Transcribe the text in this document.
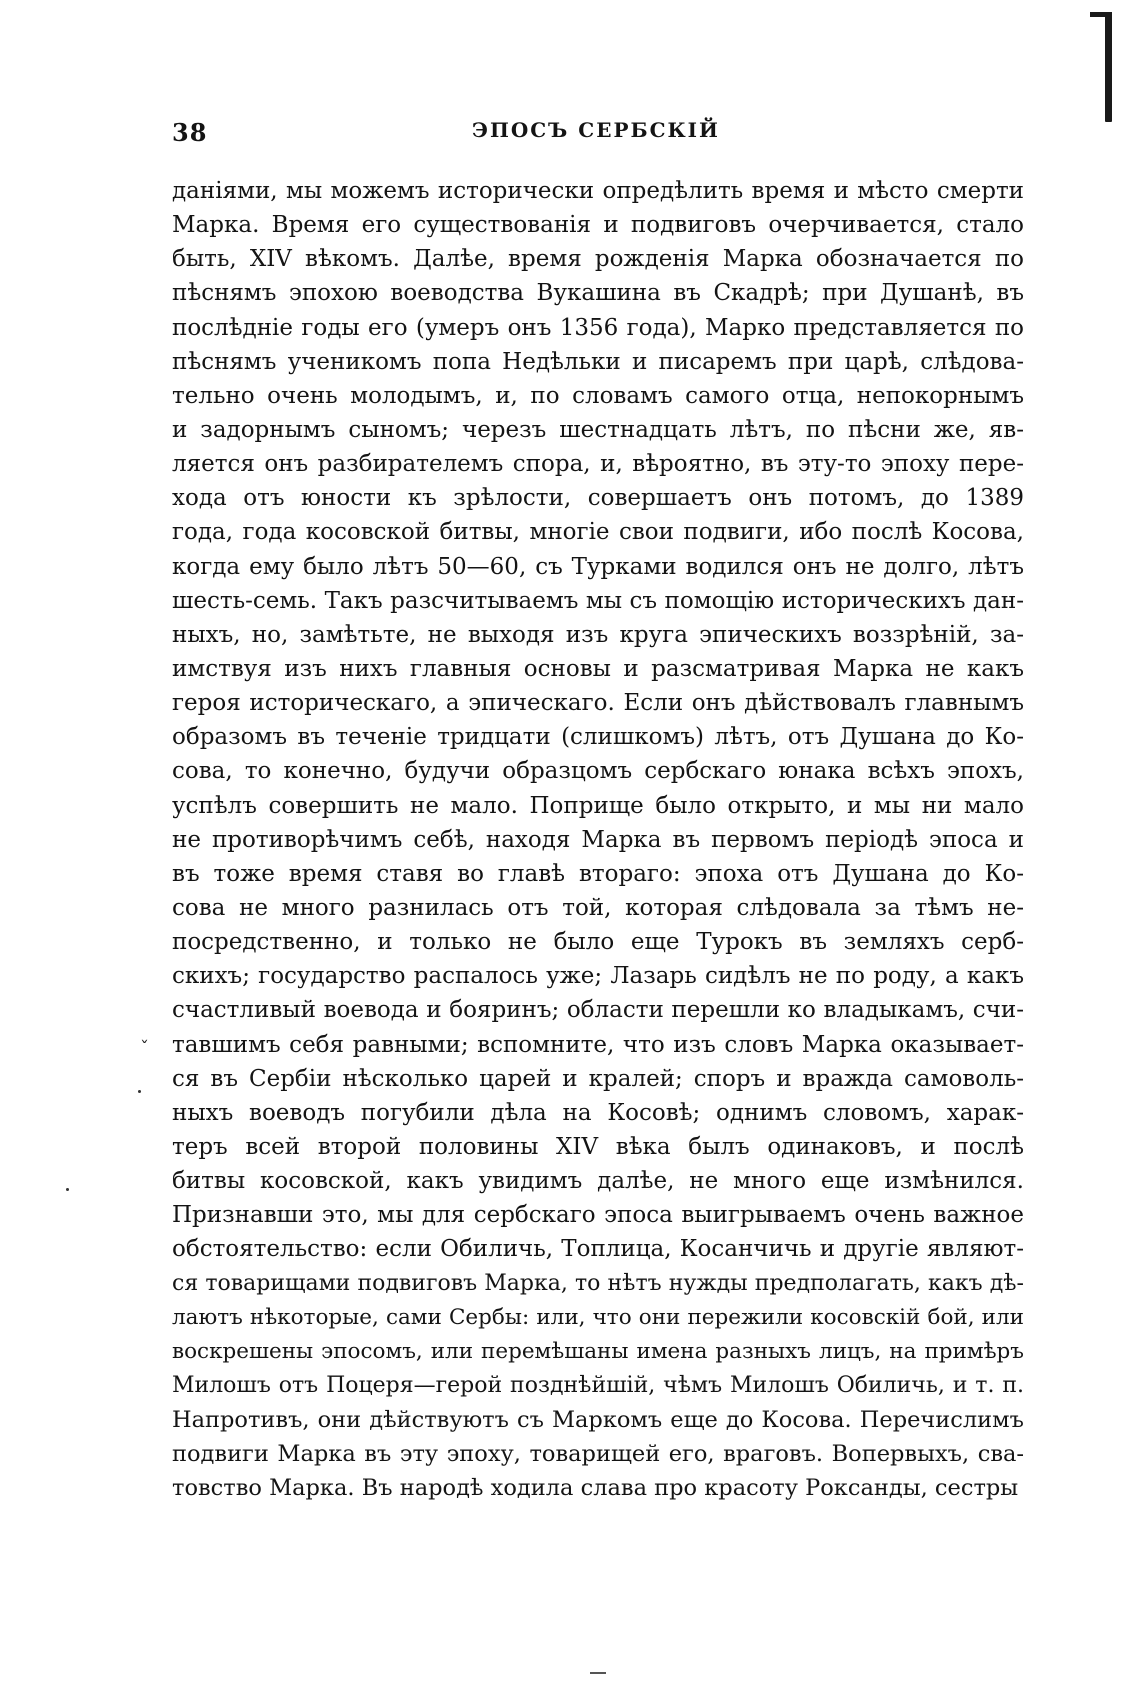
38	ЭПОСЪ СЕРБСКІЙ
даніями, мы можемъ исторически опредѣлить время и мѣсто смерти
Марка. Время его существованія и подвиговъ очерчивается, стало
быть, XIV вѣкомъ. Далѣе, время рожденія Марка обозначается по
пѣснямъ эпохою воеводства Вукашина въ Скадрѣ; при Душанѣ, въ
послѣдніе годы его (умеръ онъ 1356 года), Марко представляется по
пѣснямъ ученикомъ попа Недѣльки и писаремъ при царѣ, слѣдова-
тельно очень молодымъ, и, по словамъ самого отца, непокорнымъ
и задорнымъ сыномъ; черезъ шестнадцать лѣтъ, по пѣсни же, яв-
ляется онъ разбирателемъ спора, и, вѣроятно, въ эту-то эпоху пере-
хода отъ юности къ зрѣлости, совершаетъ онъ потомъ, до 1389
года, года косовской битвы, многіе свои подвиги, ибо послѣ Косова,
когда ему было лѣтъ 50—60, съ Турками водился онъ не долго, лѣтъ
шесть-семь. Такъ разсчитываемъ мы съ помощію историческихъ дан-
ныхъ, но, замѣтьте, не выходя изъ круга эпическихъ воззрѣній, за-
имствуя изъ нихъ главныя основы и разсматривая Марка не какъ
героя историческаго, а эпическаго. Если онъ дѣйствовалъ главнымъ
образомъ въ теченіе тридцати (слишкомъ) лѣтъ, отъ Душана до Ко-
сова, то конечно, будучи образцомъ сербскаго юнака всѣхъ эпохъ,
успѣлъ совершить не мало. Поприще было открыто, и мы ни мало
не противорѣчимъ себѣ, находя Марка въ первомъ періодѣ эпоса и
въ тоже время ставя во главѣ втораго: эпоха отъ Душана до Ко-
сова не много разнилась отъ той, которая слѣдовала за тѣмъ не-
посредственно, и только не было еще Турокъ въ земляхъ серб-
скихъ; государство распалось уже; Лазарь сидѣлъ не по роду, а какъ
счастливый воевода и бояринъ; области перешли ко владыкамъ, счи-
тавшимъ себя равными; вспомните, что изъ словъ Марка оказывает-
ся въ Сербіи нѣсколько царей и кралей; споръ и вражда самоволь-
ныхъ воеводъ погубили дѣла на Косовѣ; однимъ словомъ, харак-
теръ всей второй половины XIV вѣка былъ одинаковъ, и послѣ
битвы косовской, какъ увидимъ далѣе, не много еще измѣнился.
Признавши это, мы для сербскаго эпоса выигрываемъ очень важное
обстоятельство: если Обиличь, Топлица, Косанчичь и другіе являют-
ся товарищами подвиговъ Марка, то нѣтъ нужды предполагать, какъ дѣ-
лаютъ нѣкоторые, сами Сербы: или, что они пережили косовскій бой, или
воскрешены эпосомъ, или перемѣшаны имена разныхъ лицъ, на примѣръ
Милошъ отъ Поцеря—герой позднѣйшій, чѣмъ Милошъ Обиличь, и т. п.
Напротивъ, они дѣйствуютъ съ Маркомъ еще до Косова. Перечислимъ
подвиги Марка въ эту эпоху, товарищей его, враговъ. Вопервыхъ, сва-
товство Марка. Въ народѣ ходила слава про красоту Роксанды, сестры
ˇ
